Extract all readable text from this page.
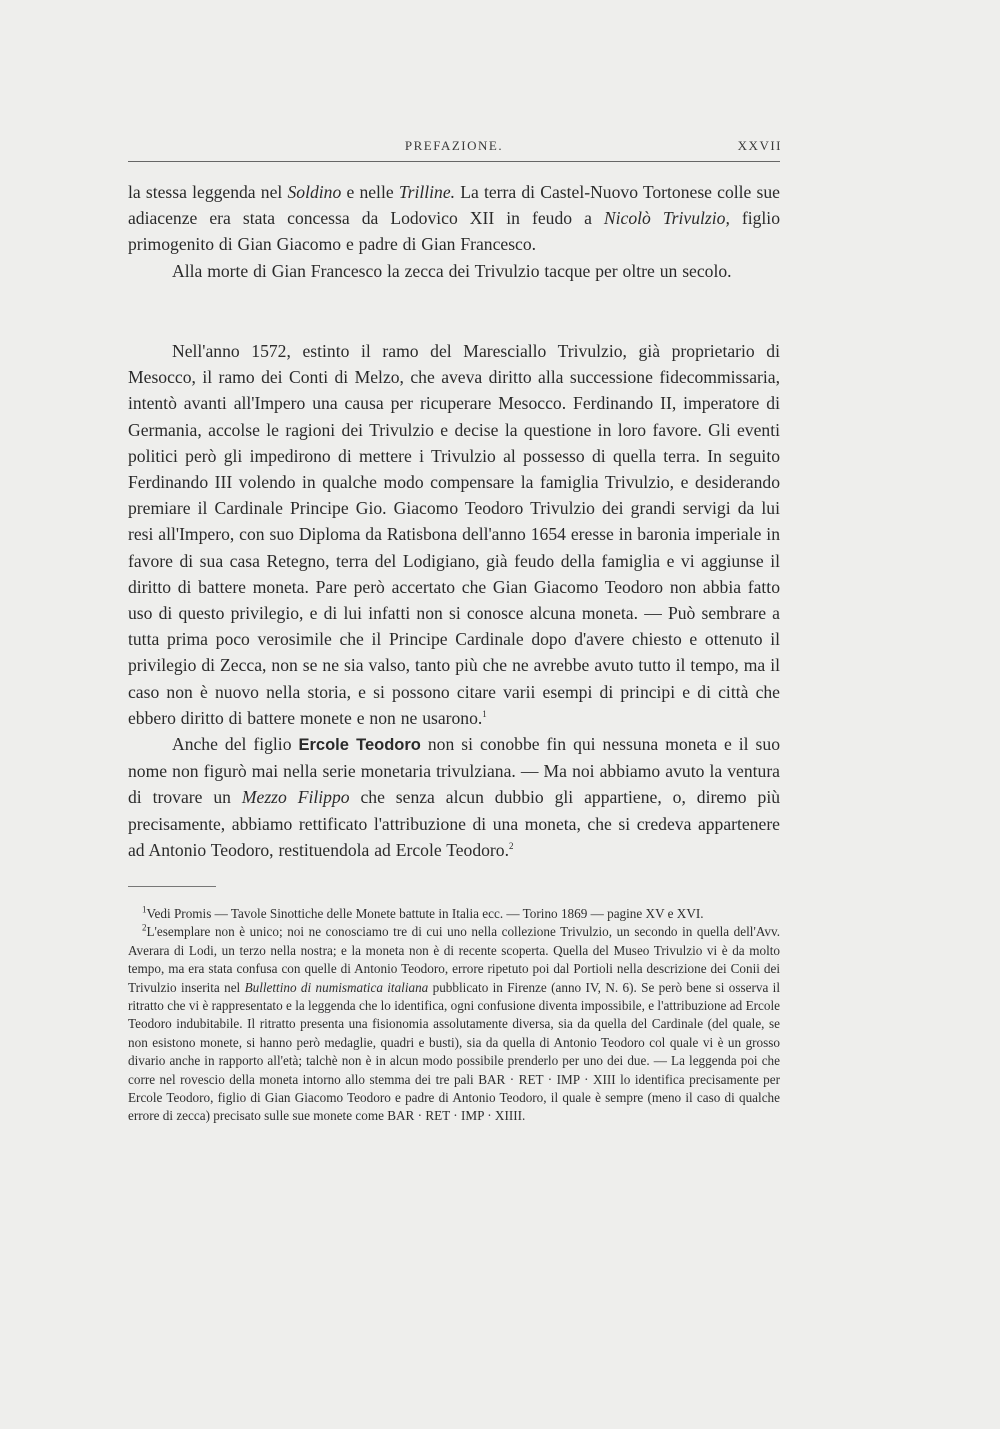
PREFAZIONE.	XXVII

la stessa leggenda nel Soldino e nelle Trilline. La terra di Castel-Nuovo Tortonese colle sue adiacenze era stata concessa da Lodovico XII in feudo a Nicolò Trivulzio, figlio primogenito di Gian Giacomo e padre di Gian Francesco.

Alla morte di Gian Francesco la zecca dei Trivulzio tacque per oltre un secolo.

Nell'anno 1572, estinto il ramo del Maresciallo Trivulzio, già proprietario di Mesocco, il ramo dei Conti di Melzo, che aveva diritto alla successione fidecommissaria, intentò avanti all'Impero una causa per ricuperare Mesocco. Ferdinando II, imperatore di Germania, accolse le ragioni dei Trivulzio e decise la questione in loro favore. Gli eventi politici però gli impedirono di mettere i Trivulzio al possesso di quella terra. In seguito Ferdinando III volendo in qualche modo compensare la famiglia Trivulzio, e desiderando premiare il Cardinale Principe Gio. Giacomo Teodoro Trivulzio dei grandi servigi da lui resi all'Impero, con suo Diploma da Ratisbona dell'anno 1654 eresse in baronia imperiale in favore di sua casa Retegno, terra del Lodigiano, già feudo della famiglia e vi aggiunse il diritto di battere moneta. Pare però accertato che Gian Giacomo Teodoro non abbia fatto uso di questo privilegio, e di lui infatti non si conosce alcuna moneta. — Può sembrare a tutta prima poco verosimile che il Principe Cardinale dopo d'avere chiesto e ottenuto il privilegio di Zecca, non se ne sia valso, tanto più che ne avrebbe avuto tutto il tempo, ma il caso non è nuovo nella storia, e si possono citare varii esempi di principi e di città che ebbero diritto di battere monete e non ne usarono.$^1$

Anche del figlio Ercole Teodoro non si conobbe fin qui nessuna moneta e il suo nome non figurò mai nella serie monetaria trivulziana. — Ma noi abbiamo avuto la ventura di trovare un Mezzo Filippo che senza alcun dubbio gli appartiene, o, diremo più precisamente, abbiamo rettificato l'attribuzione di una moneta, che si credeva appartenere ad Antonio Teodoro, restituendola ad Ercole Teodoro.$^2$

$^1$Vedi Promis — Tavole Sinottiche delle Monete battute in Italia ecc. — Torino 1869 — pagine XV e XVI.

$^2$L'esemplare non è unico; noi ne conosciamo tre di cui uno nella collezione Trivulzio, un secondo in quella dell'Avv. Averara di Lodi, un terzo nella nostra; e la moneta non è di recente scoperta. Quella del Museo Trivulzio vi è da molto tempo, ma era stata confusa con quelle di Antonio Teodoro, errore ripetuto poi dal Portioli nella descrizione dei Conii dei Trivulzio inserita nel Bullettino di numismatica italiana pubblicato in Firenze (anno IV, N. 6). Se però bene si osserva il ritratto che vi è rappresentato e la leggenda che lo identifica, ogni confusione diventa impossibile, e l'attribuzione ad Ercole Teodoro indubitabile. Il ritratto presenta una fisionomia assolutamente diversa, sia da quella del Cardinale (del quale, se non esistono monete, si hanno però medaglie, quadri e busti), sia da quella di Antonio Teodoro col quale vi è un grosso divario anche in rapporto all'età; talchè non è in alcun modo possibile prenderlo per uno dei due. — La leggenda poi che corre nel rovescio della moneta intorno allo stemma dei tre pali BAR · RET · IMP · XIII lo identifica precisamente per Ercole Teodoro, figlio di Gian Giacomo Teodoro e padre di Antonio Teodoro, il quale è sempre (meno il caso di qualche errore di zecca) precisato sulle sue monete come BAR · RET · IMP · XIIII.
